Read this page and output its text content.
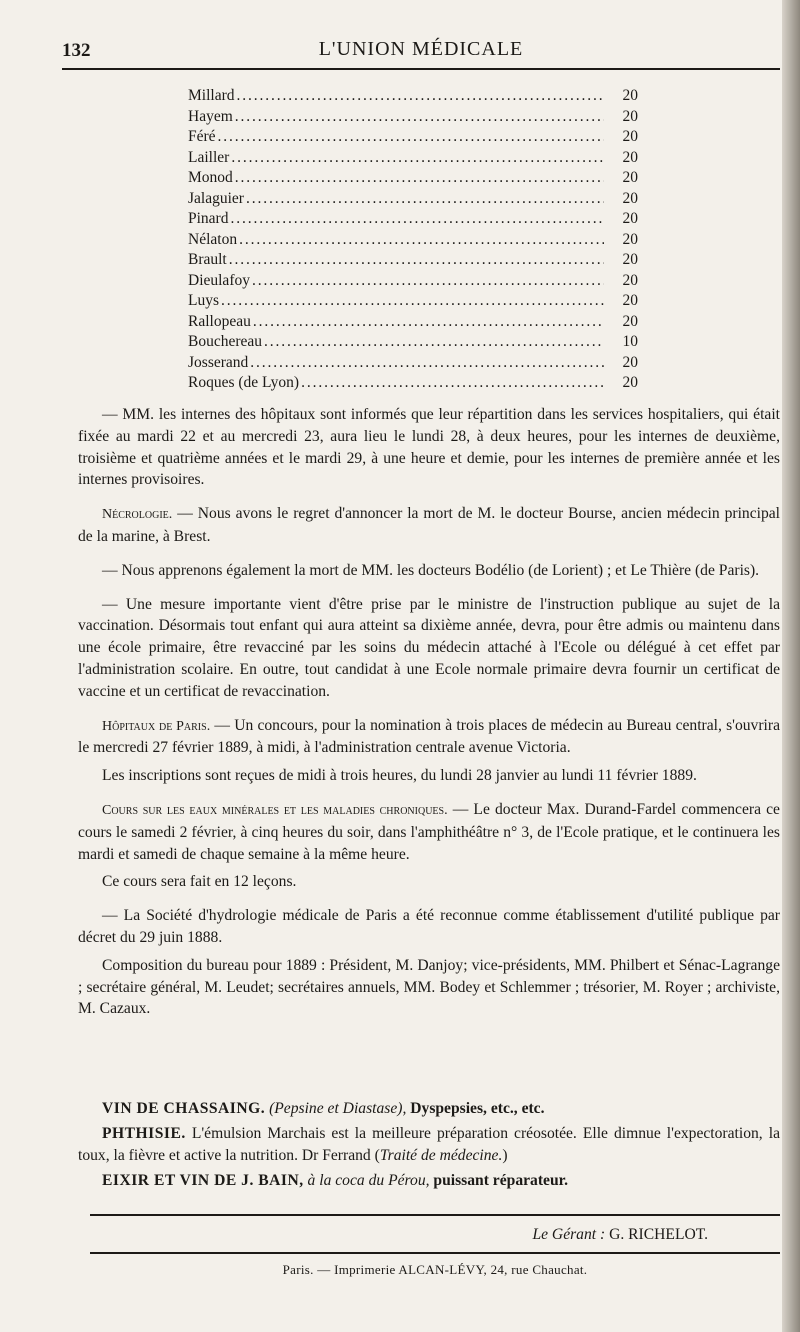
132	L'UNION MÉDICALE
Millard . . .	20
Hayem . . .	20
Féré . . .	20
Lailler . . .	20
Monod . . .	20
Jalaguier . . .	20
Pinard . . .	20
Nélaton . . .	20
Brault . . .	20
Dieulafoy . . .	20
Luys . . .	20
Rallopeau . . .	20
Bouchereau . . .	10
Josserand . . .	20
Roques (de Lyon) . . .	20

— MM. les internes des hôpitaux sont informés que leur répartition dans les services hospitaliers, qui était fixée au mardi 22 et au mercredi 23, aura lieu le lundi 28, à deux heures, pour les internes de deuxième, troisième et quatrième années et le mardi 29, à une heure et demie, pour les internes de première année et les internes provisoires.

Nécrologie. — Nous avons le regret d'annoncer la mort de M. le docteur Bourse, ancien médecin principal de la marine, à Brest.

— Nous apprenons également la mort de MM. les docteurs Bodélio (de Lorient) ; et Le Thière (de Paris).

— Une mesure importante vient d'être prise par le ministre de l'instruction publique au sujet de la vaccination. Désormais tout enfant qui aura atteint sa dixième année, devra, pour être admis ou maintenu dans une école primaire, être revacciné par les soins du médecin attaché à l'Ecole ou délégué à cet effet par l'administration scolaire. En outre, tout candidat à une Ecole normale primaire devra fournir un certificat de vaccine et un certificat de revaccination.

Hôpitaux de Paris. — Un concours, pour la nomination à trois places de médecin au Bureau central, s'ouvrira le mercredi 27 février 1889, à midi, à l'administration centrale avenue Victoria.

Les inscriptions sont reçues de midi à trois heures, du lundi 28 janvier au lundi 11 février 1889.

Cours sur les eaux minérales et les maladies chroniques. — Le docteur Max. Durand-Fardel commencera ce cours le samedi 2 février, à cinq heures du soir, dans l'amphithéâtre n° 3, de l'Ecole pratique, et le continuera les mardi et samedi de chaque semaine à la même heure.

Ce cours sera fait en 12 leçons.

— La Société d'hydrologie médicale de Paris a été reconnue comme établissement d'utilité publique par décret du 29 juin 1888.

Composition du bureau pour 1889 : Président, M. Danjoy; vice-présidents, MM. Philbert et Sénac-Lagrange ; secrétaire général, M. Leudet; secrétaires annuels, MM. Bodey et Schlemmer ; trésorier, M. Royer ; archiviste, M. Cazaux.

VIN DE CHASSAING. (Pepsine et Diastase), Dyspepsies, etc., etc.

PHTHISIE. L'émulsion Marchais est la meilleure préparation créosotée. Elle dimnue l'expectoration, la toux, la fièvre et active la nutrition. Dr Ferrand (Traité de médecine.)

EIXIR ET VIN DE J. BAIN, à la coca du Pérou, puissant réparateur.

Le Gérant : G. RICHELOT.
Paris. — Imprimerie ALCAN-LÉVY, 24, rue Chauchat.
